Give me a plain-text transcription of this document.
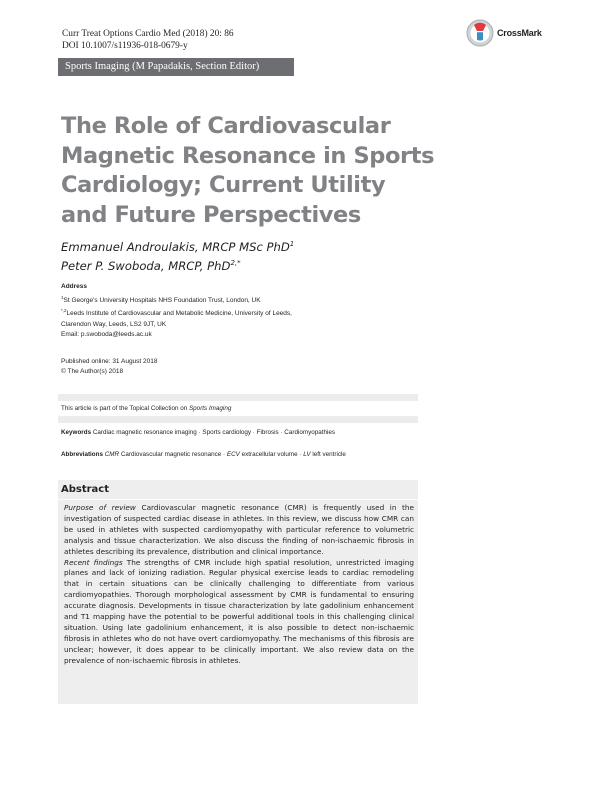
Curr Treat Options Cardio Med (2018) 20: 86
DOI 10.1007/s11936-018-0679-y
CrossMark
Sports Imaging (M Papadakis, Section Editor)
The Role of Cardiovascular
Magnetic Resonance in Sports
Cardiology; Current Utility
and Future Perspectives
Emmanuel Androulakis, MRCP MSc PhD$^1$
Peter P. Swoboda, MRCP, PhD$^{2,*}$
Address
$^1$St George's University Hospitals NHS Foundation Trust, London, UK
$^{*,2}$Leeds Institute of Cardiovascular and Metabolic Medicine, University of Leeds,
Clarendon Way, Leeds, LS2 9JT, UK
Email: p.swoboda@leeds.ac.uk
Published online: 31 August 2018
© The Author(s) 2018
This article is part of the Topical Collection on Sports Imaging
Keywords Cardiac magnetic resonance imaging · Sports cardiology · Fibrosis · Cardiomyopathies
Abbreviations CMR Cardiovascular magnetic resonance · ECV extracellular volume · LV left ventricle
Abstract

Purpose of review Cardiovascular magnetic resonance (CMR) is frequently used in the investigation of suspected cardiac disease in athletes. In this review, we discuss how CMR can be used in athletes with suspected cardiomyopathy with particular reference to volumetric analysis and tissue characterization. We also discuss the finding of non-ischaemic fibrosis in athletes describing its prevalence, distribution and clinical importance.

Recent findings The strengths of CMR include high spatial resolution, unrestricted imaging planes and lack of ionizing radiation. Regular physical exercise leads to cardiac remodeling that in certain situations can be clinically challenging to differentiate from various cardiomyopathies. Thorough morphological assessment by CMR is fundamental to ensuring accurate diagnosis. Developments in tissue characterization by late gadolinium enhancement and T1 mapping have the potential to be powerful additional tools in this challenging clinical situation. Using late gadolinium enhancement, it is also possible to detect non-ischaemic fibrosis in athletes who do not have overt cardiomyopathy. The mechanisms of this fibrosis are unclear; however, it does appear to be clinically important. We also review data on the prevalence of non-ischaemic fibrosis in athletes.
